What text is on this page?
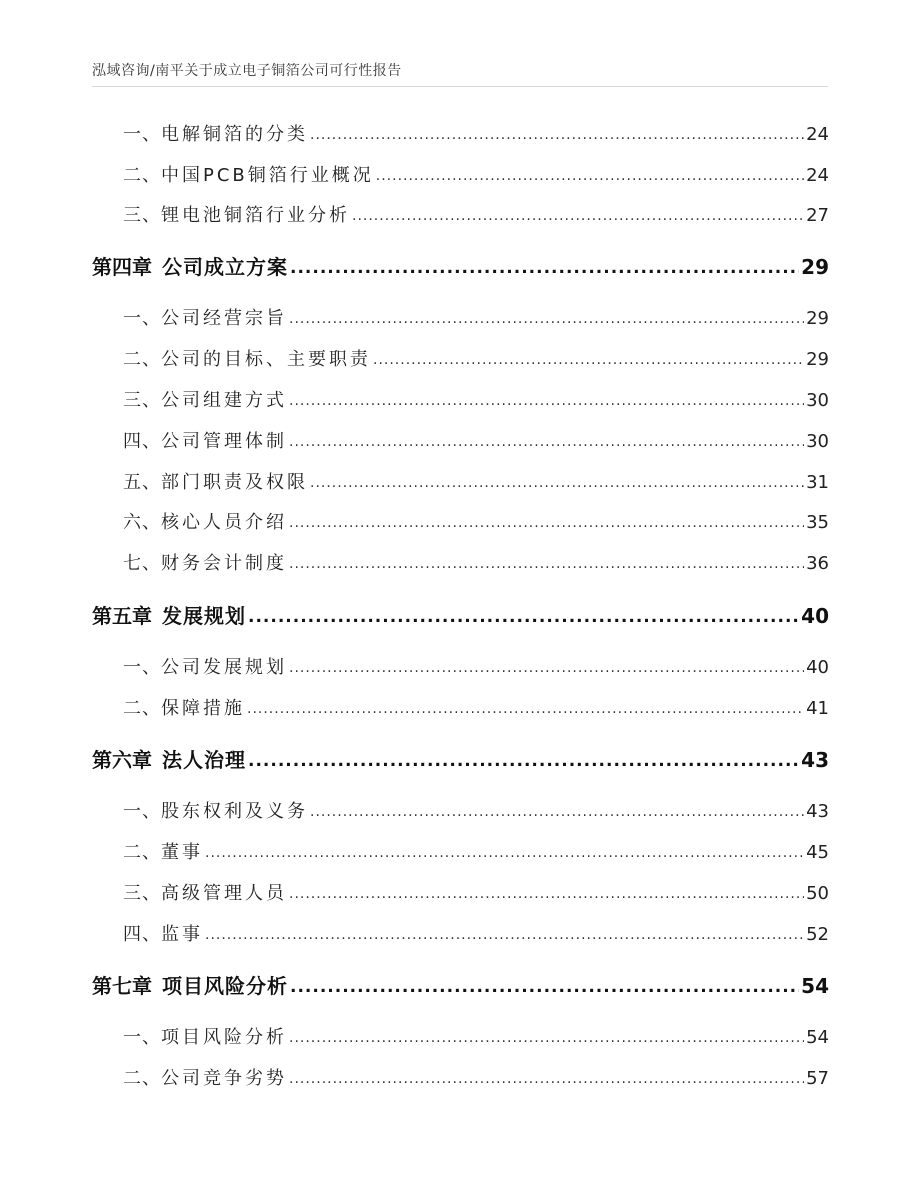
泓域咨询/南平关于成立电子铜箔公司可行性报告
一、 电解铜箔的分类 .....	24
二、 中国PCB铜箔行业概况 .....	24
三、 锂电池铜箔行业分析 .....	27
第四章 公司成立方案 .....	29
一、 公司经营宗旨 .....	29
二、 公司的目标、主要职责 .....	29
三、 公司组建方式 .....	30
四、 公司管理体制 .....	30
五、 部门职责及权限 .....	31
六、 核心人员介绍 .....	35
七、 财务会计制度 .....	36
第五章 发展规划 .....	40
一、 公司发展规划 .....	40
二、 保障措施 .....	41
第六章 法人治理 .....	43
一、 股东权利及义务 .....	43
二、 董事 .....	45
三、 高级管理人员 .....	50
四、 监事 .....	52
第七章 项目风险分析 .....	54
一、 项目风险分析 .....	54
二、 公司竞争劣势 .....	57
